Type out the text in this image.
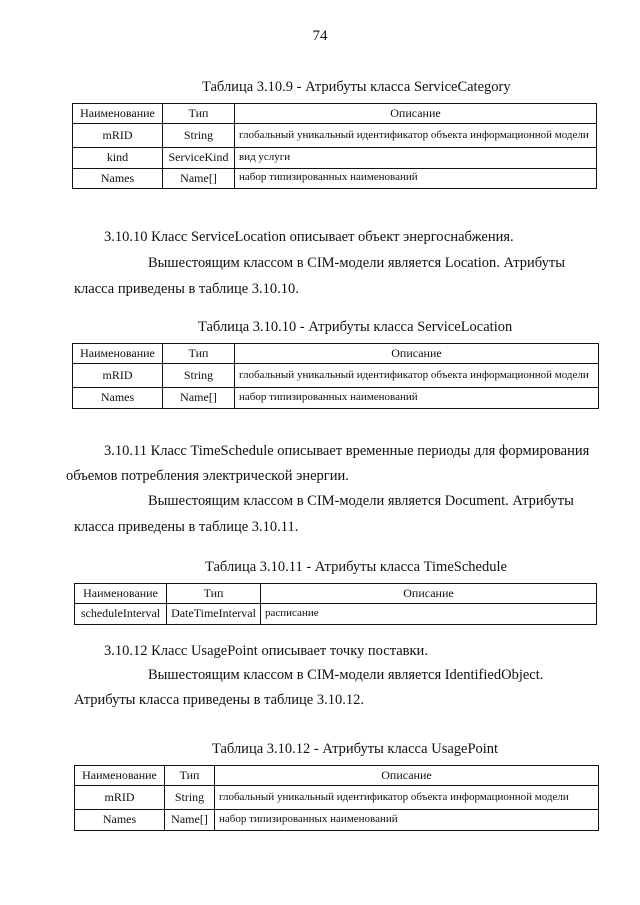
74
Таблица 3.10.9 - Атрибуты класса ServiceCategory
Наименование	Тип	Описание
mRID	String	глобальный уникальный идентификатор объекта информационной модели
kind	ServiceKind	вид услуги
Names	Name[]	набор типизированных наименований
3.10.10 Класс ServiceLocation описывает объект энергоснабжения.
Вышестоящим классом в CIM-модели является Location. Атрибуты
класса приведены в таблице 3.10.10.
Таблица 3.10.10 - Атрибуты класса ServiceLocation
Наименование	Тип	Описание
mRID	String	глобальный уникальный идентификатор объекта информационной модели
Names	Name[]	набор типизированных наименований
3.10.11 Класс TimeSchedule описывает временные периоды для формирования
объемов потребления электрической энергии.
Вышестоящим классом в CIM-модели является Document. Атрибуты
класса приведены в таблице 3.10.11.
Таблица 3.10.11 - Атрибуты класса TimeSchedule
Наименование	Тип	Описание
scheduleInterval	DateTimeInterval	расписание
3.10.12 Класс UsagePoint описывает точку поставки.
Вышестоящим классом в CIM-модели является IdentifiedObject.
Атрибуты класса приведены в таблице 3.10.12.
Таблица 3.10.12 - Атрибуты класса UsagePoint
Наименование	Тип	Описание
mRID	String	глобальный уникальный идентификатор объекта информационной модели
Names	Name[]	набор типизированных наименований
